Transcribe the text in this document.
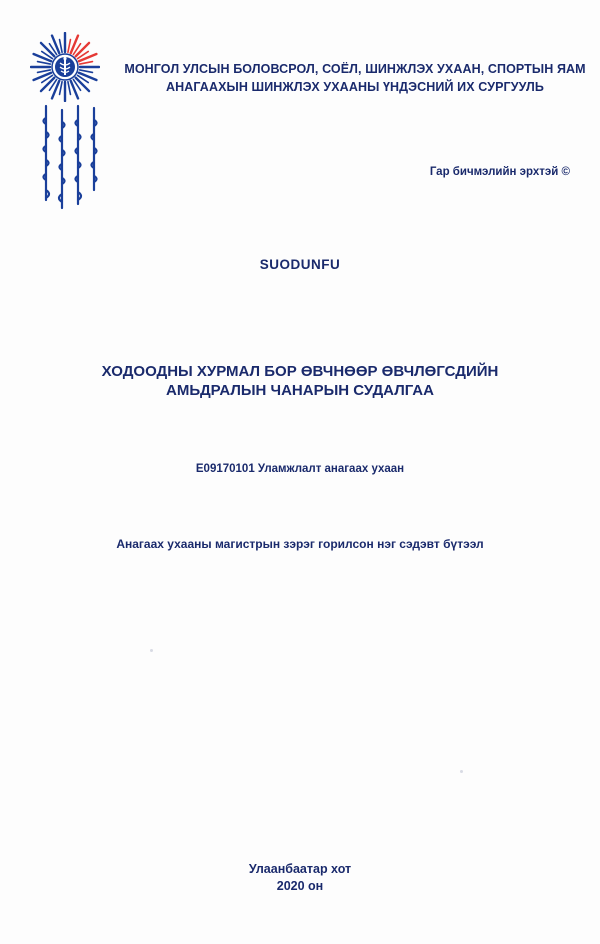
МОНГОЛ УЛСЫН БОЛОВСРОЛ, СОЁЛ, ШИНЖЛЭХ УХААН, СПОРТЫН ЯАМ
АНАГААХЫН ШИНЖЛЭХ УХААНЫ ҮНДЭСНИЙ ИХ СУРГУУЛЬ
Гар бичмэлийн эрхтэй ©
SUODUNFU
ХОДООДНЫ ХУРМАЛ БОР ӨВЧНӨӨР ӨВЧЛӨГСДИЙН
АМЬДРАЛЫН ЧАНАРЫН СУДАЛГАА
E09170101 Уламжлалт анагаах ухаан
Анагаах ухааны магистрын зэрэг горилсон нэг сэдэвт бүтээл
Улаанбаатар хот
2020 он
